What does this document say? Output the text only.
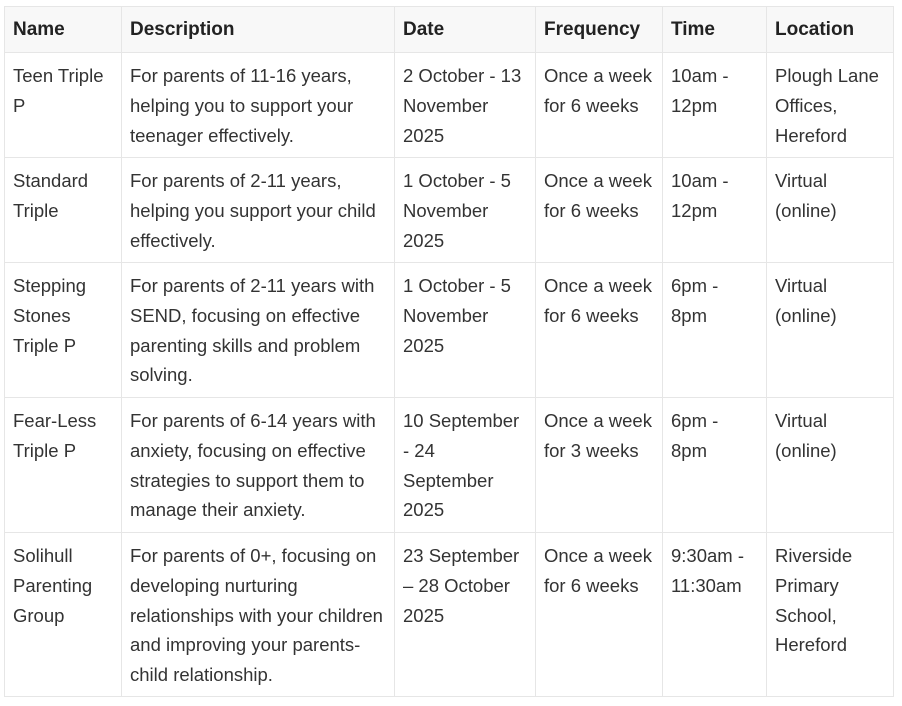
Name	Description	Date	Frequency	Time	Location
Teen Triple P	For parents of 11-16 years, helping you to support your teenager effectively.	2 October - 13 November 2025	Once a week for 6 weeks	10am - 12pm	Plough Lane Offices, Hereford
Standard Triple	For parents of 2-11 years, helping you support your child effectively.	1 October - 5 November 2025	Once a week for 6 weeks	10am - 12pm	Virtual (online)
Stepping Stones Triple P	For parents of 2-11 years with SEND, focusing on effective parenting skills and problem solving.	1 October - 5 November 2025	Once a week for 6 weeks	6pm - 8pm	Virtual (online)
Fear-Less Triple P	For parents of 6-14 years with anxiety, focusing on effective strategies to support them to manage their anxiety.	10 September - 24 September 2025	Once a week for 3 weeks	6pm - 8pm	Virtual (online)
Solihull Parenting Group	For parents of 0+, focusing on developing nurturing relationships with your children and improving your parents-child relationship.	23 September – 28 October 2025	Once a week for 6 weeks	9:30am - 11:30am	Riverside Primary School, Hereford
